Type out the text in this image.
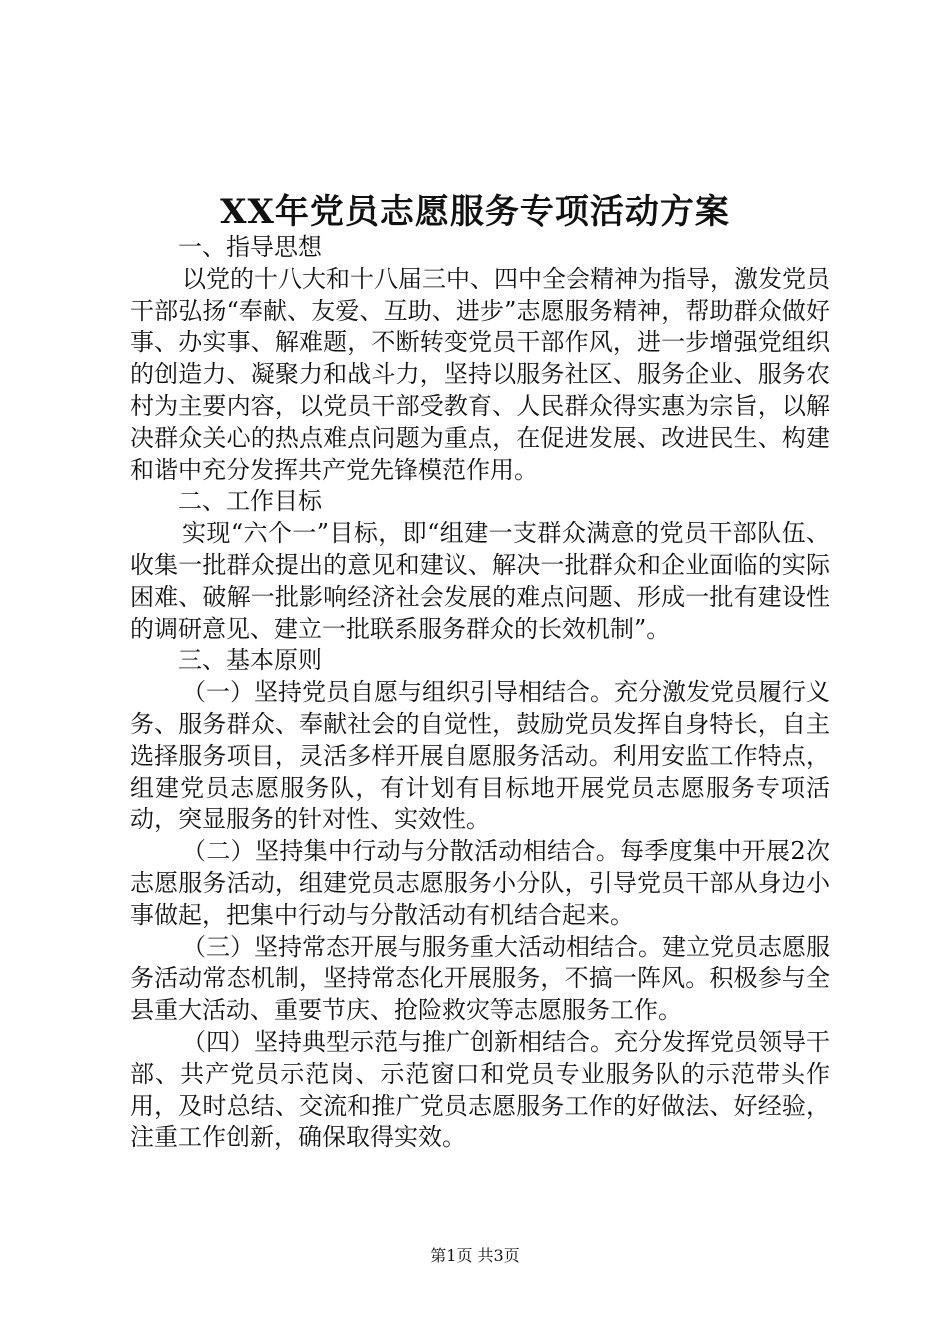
XX年党员志愿服务专项活动方案

一、指导思想

以党的十八大和十八届三中、四中全会精神为指导，激发党员干部弘扬“奉献、友爱、互助、进步”志愿服务精神，帮助群众做好事、办实事、解难题，不断转变党员干部作风，进一步增强党组织的创造力、凝聚力和战斗力，坚持以服务社区、服务企业、服务农村为主要内容，以党员干部受教育、人民群众得实惠为宗旨，以解决群众关心的热点难点问题为重点，在促进发展、改进民生、构建和谐中充分发挥共产党先锋模范作用。

二、工作目标

实现“六个一”目标，即“组建一支群众满意的党员干部队伍、收集一批群众提出的意见和建议、解决一批群众和企业面临的实际困难、破解一批影响经济社会发展的难点问题、形成一批有建设性的调研意见、建立一批联系服务群众的长效机制”。

三、基本原则

（一）坚持党员自愿与组织引导相结合。充分激发党员履行义务、服务群众、奉献社会的自觉性，鼓励党员发挥自身特长，自主选择服务项目，灵活多样开展自愿服务活动。利用安监工作特点，组建党员志愿服务队，有计划有目标地开展党员志愿服务专项活动，突显服务的针对性、实效性。

（二）坚持集中行动与分散活动相结合。每季度集中开展2次志愿服务活动，组建党员志愿服务小分队，引导党员干部从身边小事做起，把集中行动与分散活动有机结合起来。

（三）坚持常态开展与服务重大活动相结合。建立党员志愿服务活动常态机制，坚持常态化开展服务，不搞一阵风。积极参与全县重大活动、重要节庆、抢险救灾等志愿服务工作。

（四）坚持典型示范与推广创新相结合。充分发挥党员领导干部、共产党员示范岗、示范窗口和党员专业服务队的示范带头作用，及时总结、交流和推广党员志愿服务工作的好做法、好经验，注重工作创新，确保取得实效。

第1页 共3页
